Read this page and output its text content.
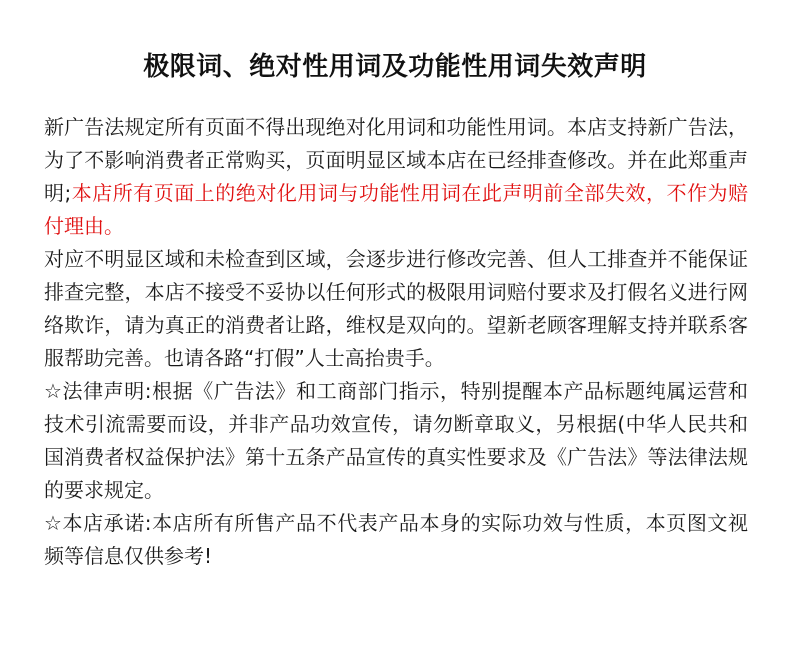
极限词、绝对性用词及功能性用词失效声明

新广告法规定所有页面不得出现绝对化用词和功能性用词。本店支持新广告法，为了不影响消费者正常购买，页面明显区域本店在已经排查修改。并在此郑重声明;本店所有页面上的绝对化用词与功能性用词在此声明前全部失效，不作为赔付理由。

对应不明显区域和未检查到区域，会逐步进行修改完善、但人工排查并不能保证排查完整，本店不接受不妥协以任何形式的极限用词赔付要求及打假名义进行网络欺诈，请为真正的消费者让路，维权是双向的。望新老顾客理解支持并联系客服帮助完善。也请各路“打假”人士高抬贵手。

☆法律声明:根据《广告法》和工商部门指示，特别提醒本产品标题纯属运营和技术引流需要而设，并非产品功效宣传，请勿断章取义，另根据(中华人民共和国消费者权益保护法》第十五条产品宣传的真实性要求及《广告法》等法律法规的要求规定。

☆本店承诺:本店所有所售产品不代表产品本身的实际功效与性质，本页图文视频等信息仅供参考!
